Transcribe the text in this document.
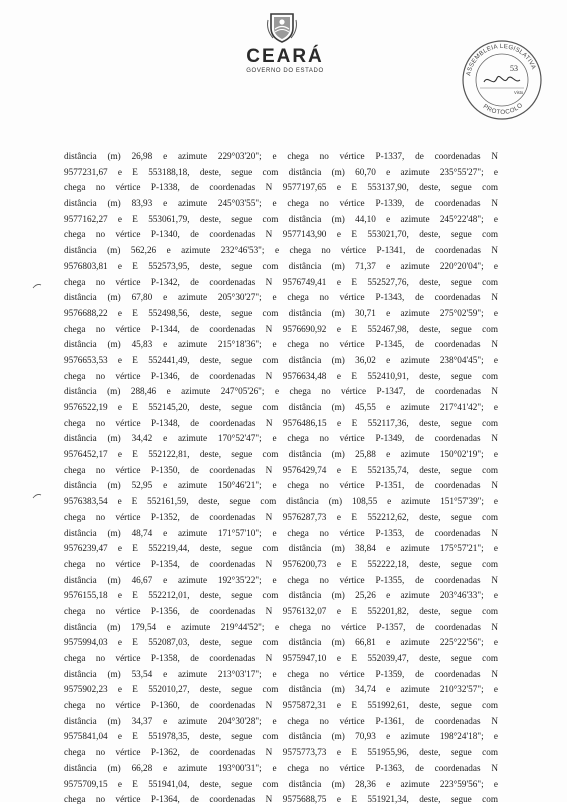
CEARÁ
GOVERNO DO ESTADO	ASSEMBLEIA LEGISLATIVA
PROTOCOLO
53
Visto
distância (m) 26,98 e azimute 229°03'20"; e chega no vértice P-1337, de coordenadas N
9577231,67 e E 553188,18, deste, segue com distância (m) 60,70 e azimute 235°55'27"; e
chega no vértice P-1338, de coordenadas N 9577197,65 e E 553137,90, deste, segue com
distância (m) 83,93 e azimute 245°03'55"; e chega no vértice P-1339, de coordenadas N
9577162,27 e E 553061,79, deste, segue com distância (m) 44,10 e azimute 245°22'48"; e
chega no vértice P-1340, de coordenadas N 9577143,90 e E 553021,70, deste, segue com
distância (m) 562,26 e azimute 232°46'53"; e chega no vértice P-1341, de coordenadas N
9576803,81 e E 552573,95, deste, segue com distância (m) 71,37 e azimute 220°20'04"; e
chega no vértice P-1342, de coordenadas N 9576749,41 e E 552527,76, deste, segue com
distância (m) 67,80 e azimute 205°30'27"; e chega no vértice P-1343, de coordenadas N
9576688,22 e E 552498,56, deste, segue com distância (m) 30,71 e azimute 275°02'59"; e
chega no vértice P-1344, de coordenadas N 9576690,92 e E 552467,98, deste, segue com
distância (m) 45,83 e azimute 215°18'36"; e chega no vértice P-1345, de coordenadas N
9576653,53 e E 552441,49, deste, segue com distância (m) 36,02 e azimute 238°04'45"; e
chega no vértice P-1346, de coordenadas N 9576634,48 e E 552410,91, deste, segue com
distância (m) 288,46 e azimute 247°05'26"; e chega no vértice P-1347, de coordenadas N
9576522,19 e E 552145,20, deste, segue com distância (m) 45,55 e azimute 217°41'42"; e
chega no vértice P-1348, de coordenadas N 9576486,15 e E 552117,36, deste, segue com
distância (m) 34,42 e azimute 170°52'47"; e chega no vértice P-1349, de coordenadas N
9576452,17 e E 552122,81, deste, segue com distância (m) 25,88 e azimute 150°02'19"; e
chega no vértice P-1350, de coordenadas N 9576429,74 e E 552135,74, deste, segue com
distância (m) 52,95 e azimute 150°46'21"; e chega no vértice P-1351, de coordenadas N
9576383,54 e E 552161,59, deste, segue com distância (m) 108,55 e azimute 151°57'39"; e
chega no vértice P-1352, de coordenadas N 9576287,73 e E 552212,62, deste, segue com
distância (m) 48,74 e azimute 171°57'10"; e chega no vértice P-1353, de coordenadas N
9576239,47 e E 552219,44, deste, segue com distância (m) 38,84 e azimute 175°57'21"; e
chega no vértice P-1354, de coordenadas N 9576200,73 e E 552222,18, deste, segue com
distância (m) 46,67 e azimute 192°35'22"; e chega no vértice P-1355, de coordenadas N
9576155,18 e E 552212,01, deste, segue com distância (m) 25,26 e azimute 203°46'33"; e
chega no vértice P-1356, de coordenadas N 9576132,07 e E 552201,82, deste, segue com
distância (m) 179,54 e azimute 219°44'52"; e chega no vértice P-1357, de coordenadas N
9575994,03 e E 552087,03, deste, segue com distância (m) 66,81 e azimute 225°22'56"; e
chega no vértice P-1358, de coordenadas N 9575947,10 e E 552039,47, deste, segue com
distância (m) 53,54 e azimute 213°03'17"; e chega no vértice P-1359, de coordenadas N
9575902,23 e E 552010,27, deste, segue com distância (m) 34,74 e azimute 210°32'57"; e
chega no vértice P-1360, de coordenadas N 9575872,31 e E 551992,61, deste, segue com
distância (m) 34,37 e azimute 204°30'28"; e chega no vértice P-1361, de coordenadas N
9575841,04 e E 551978,35, deste, segue com distância (m) 70,93 e azimute 198°24'18"; e
chega no vértice P-1362, de coordenadas N 9575773,73 e E 551955,96, deste, segue com
distância (m) 66,28 e azimute 193°00'31"; e chega no vértice P-1363, de coordenadas N
9575709,15 e E 551941,04, deste, segue com distância (m) 28,36 e azimute 223°59'56"; e
chega no vértice P-1364, de coordenadas N 9575688,75 e E 551921,34, deste, segue com
